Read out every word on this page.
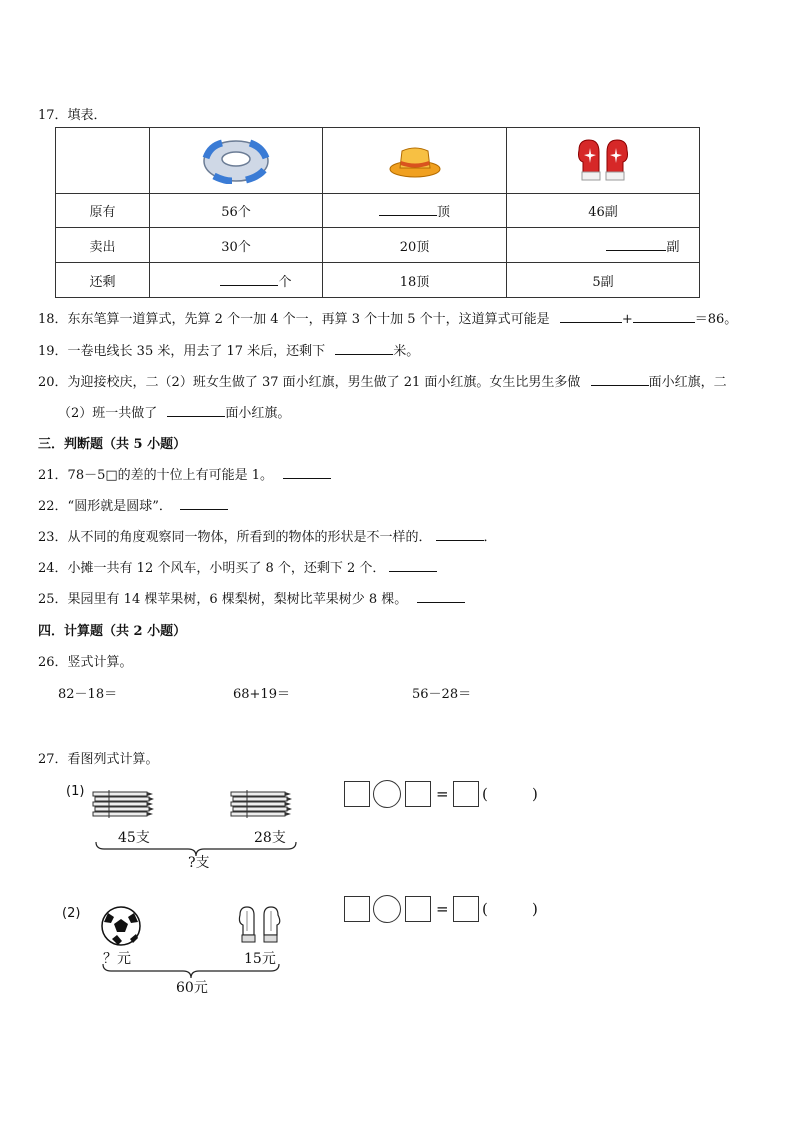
17．填表．

原有	56个	顶	46副
卖出	30个	20顶	副
还剩	个	18顶	5副
18．东东笔算一道算式，先算 2 个一加 4 个一，再算 3 个十加 5 个十，这道算式可能是	+	＝86。
19．一卷电线长 35 米，用去了 17 米后，还剩下	米。
20．为迎接校庆，二（2）班女生做了 37 面小红旗，男生做了 21 面小红旗。女生比男生多做	面小红旗，二
（2）班一共做了	面小红旗。
三．判断题（共 5 小题）
21．78－5□的差的十位上有可能是 1。
22．“圆形就是圆球”．
23．从不同的角度观察同一物体，所看到的物体的形状是不一样的．	．
24．小摊一共有 12 个风车，小明买了 8 个，还剩下 2 个．
25．果园里有 14 棵苹果树，6 棵梨树，梨树比苹果树少 8 棵。
四．计算题（共 2 小题）
26．竖式计算。
82－18＝	68+19＝	56－28＝
27．看图列式计算。
(1)
45支	28支
?支
= (	)
(2)
？元	15元
60元
= (	)
